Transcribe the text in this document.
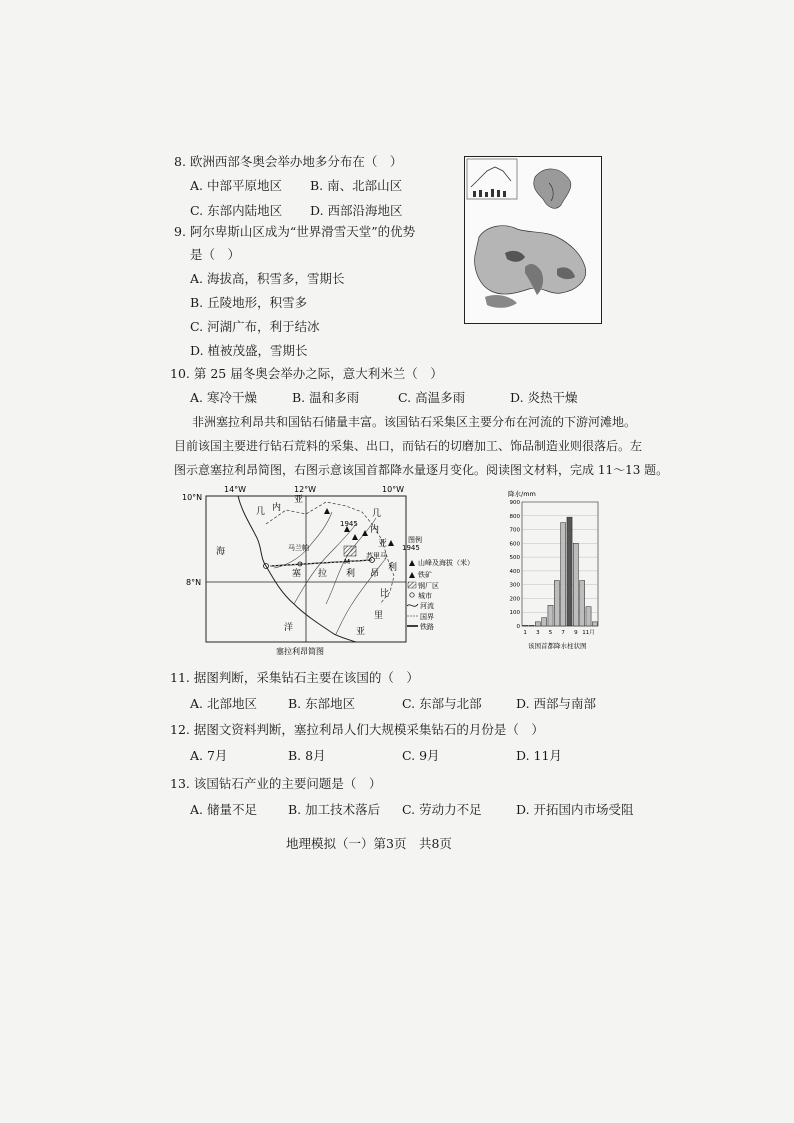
8. 欧洲西部冬奥会举办地多分布在（　）
A. 中部平原地区 B. 南、北部山区
C. 东部内陆地区 D. 西部沿海地区
9. 阿尔卑斯山区成为“世界滑雪天堂”的优势
是（　）
A. 海拔高，积雪多，雪期长
B. 丘陵地形，积雪多
C. 河湖广布，利于结冰
D. 植被茂盛，雪期长
10. 第 25 届冬奥会举办之际，意大利米兰（　）
A. 寒冷干燥	B. 温和多雨	C. 高温多雨	D. 炎热干燥
非洲塞拉利昂共和国钻石储量丰富。该国钻石采集区主要分布在河流的下游河滩地。
目前该国主要进行钻石荒料的采集、出口，而钻石的切磨加工、饰品制造业则很落后。左
图示意塞拉利昂简图，右图示意该国首都降水量逐月变化。阅读图文材料，完成 11～13 题。
12°W
14°W	10°W
10°N
8°N
几 内
亚
几
内
亚
海	马兰帕
塞 拉 利 昂
利
比
里
亚
洋
苏里马
M
1945
1945
图例
山峰及海拔（米）
铁矿
钢厂区
城市
河流
国界
铁路
塞拉利昂简图
降水/mm
900
800
700
600
500
400
300
200
100
0
1 3 5 7 9 11月
该国首都降水柱状图
11. 据图判断，采集钻石主要在该国的（　）
A. 北部地区 B. 东部地区	C. 东部与北部	D. 西部与南部
12. 据图文资料判断，塞拉利昂人们大规模采集钻石的月份是（　）
A. 7月	B. 8月	C. 9月	D. 11月
13. 该国钻石产业的主要问题是（　）
A. 储量不足 B. 加工技术落后 C. 劳动力不足	D. 开拓国内市场受阻
地理模拟（一）第3页　共8页
